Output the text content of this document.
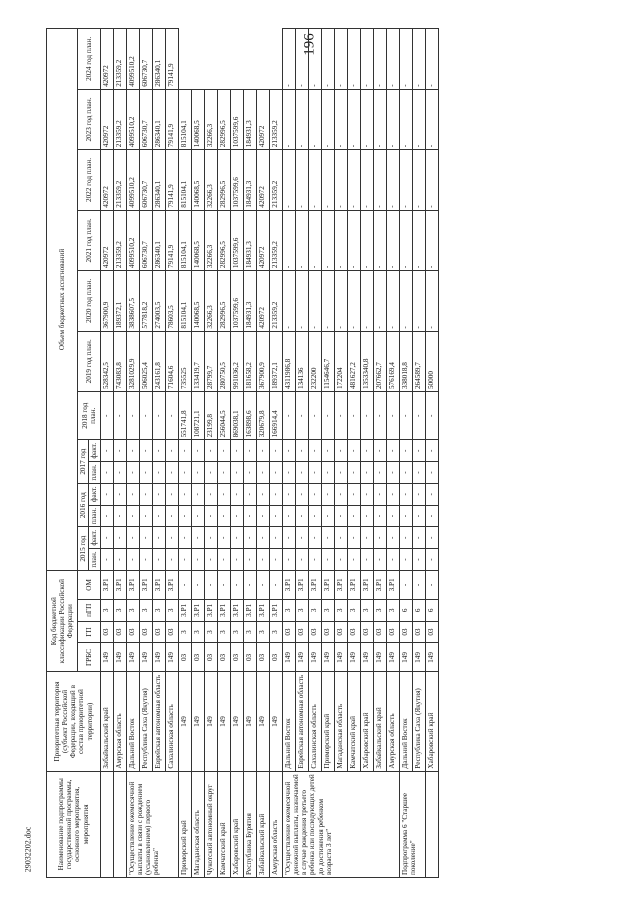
196
29032202.doc	Наименование подпрограммы государственной программы, основного мероприятия, мероприятия	Приоритетная территория (субъект Российской Федерации, входящий в состав приоритетной территории)	Код бюджетной классификации Российской Федерации				Объем бюджетных ассигнований												
		ГРБС	ГП	пГП	ОМ	2015 год		2016 год		2017 год		2018 год план.	2019 год план.	2020 год план.	2021 год план.	2022 год план.	2023 год план.	2024 год план.
						план.	факт.	план.	факт.	план.	факт.							
	Забайкальский край	149	03	3	3.Р1	-	-	-	-	-	-	-	528342,5	367900,9	420972	420972	420972	420972
	Амурская область	149	03	3	3.Р1	-	-	-	-	-	-	-	743083,8	189372,1	213359,2	213359,2	213359,2	213359,2
"Осуществление ежемесячной выплаты в связи с рождением (усыновлением) первого ребенка"	Дальний Восток	149	03	3	3.Р1	-	-	-	-	-	-	-	3281029,9	3838607,5	4099510,2	4099510,2	4099510,2	4099510,2
	Республика Саха (Якутия)	149	03	3	3.Р1	-	-	-	-	-	-	-	506025,4	577818,2	606730,7	606730,7	606730,7	606730,7
	Еврейская автономная область	149	03	3	3.Р1	-	-	-	-	-	-	-	243161,8	274003,5	286340,1	286340,1	286340,1	286340,1
	Сахалинская область	149	03	3	3.Р1	-	-	-	-	-	-	-	71604,6	78603,5	79141,9	79141,9	79141,9	79141,9
Приморский край	149	03	3	3.Р1	-	-	-	-	-	-	-	551741,8	735525	815104,1	815104,1	815104,1	815104,1	
Магаданская область	149	03	3	3.Р1	-	-	-	-	-	-	-	108721,1	133419,7	140068,5	140068,5	140068,5	140068,5	
Чукотский автономный округ	149	03	3	3.Р1	-	-	-	-	-	-	-	23199,8	28799,7	32266,3	32266,3	32266,3	32266,3	
Камчатский край	149	03	3	3.Р1	-	-	-	-	-	-	-	256044,5	280750,5	282996,5	282996,5	282996,5	282996,5	
Хабаровский край	149	03	3	3.Р1	-	-	-	-	-	-	-	869038,1	991036,2	1037599,6	1037599,6	1037599,6	1037599,6	
Республика Бурятия	149	03	3	3.Р1	-	-	-	-	-	-	-	163898,6	181658,2	184931,3	184931,3	184931,3	184931,3	
Забайкальский край	149	03	3	3.Р1	-	-	-	-	-	-	-	320679,8	367900,9	420972	420972	420972	420972	
Амурская область	149	03	3	3.Р1	-	-	-	-	-	-	-	166914,4	189372,1	213359,2	213359,2	213359,2	213359,2	
"Осуществление ежемесячной денежной выплаты, назначаемой в случае рождения третьего ребенка или последующих детей до достижения ребенком возраста 3 лет"	Дальний Восток	149	03	3	3.Р1	-	-	-	-	-	-	-	4311986,8	-	-	-	-	-
	Еврейская автономная область	149	03	3	3.Р1	-	-	-	-	-	-	-	134136	-	-	-	-	-
	Сахалинская область	149	03	3	3.Р1	-	-	-	-	-	-	-	232200	-	-	-	-	-
	Приморский край	149	03	3	3.Р1	-	-	-	-	-	-	-	1154646,7	-	-	-	-	-
	Магаданская область	149	03	3	3.Р1	-	-	-	-	-	-	-	172204	-	-	-	-	-
	Камчатский край	149	03	3	3.Р1	-	-	-	-	-	-	-	481627,2	-	-	-	-	-
	Хабаровский край	149	03	3	3.Р1	-	-	-	-	-	-	-	1353340,8	-	-	-	-	-
	Забайкальский край	149	03	3	3.Р1	-	-	-	-	-	-	-	207662,7	-	-	-	-	-
	Амурская область	149	03	3	3.Р1	-	-	-	-	-	-	-	576169,4	-	-	-	-	-
Подпрограмма 6 "Старшее поколение"	Дальний Восток	149	03	6	-	-	-	-	-	-	-	-	338018,8	-	-	-	-	-
	Республика Саха (Якутия)	149	03	6	-	-	-	-	-	-	-	-	264589,7	-	-	-	-	-
	Хабаровский край	149	03	6	-	-	-	-	-	-	-	-	50000	-	-	-	-	-
